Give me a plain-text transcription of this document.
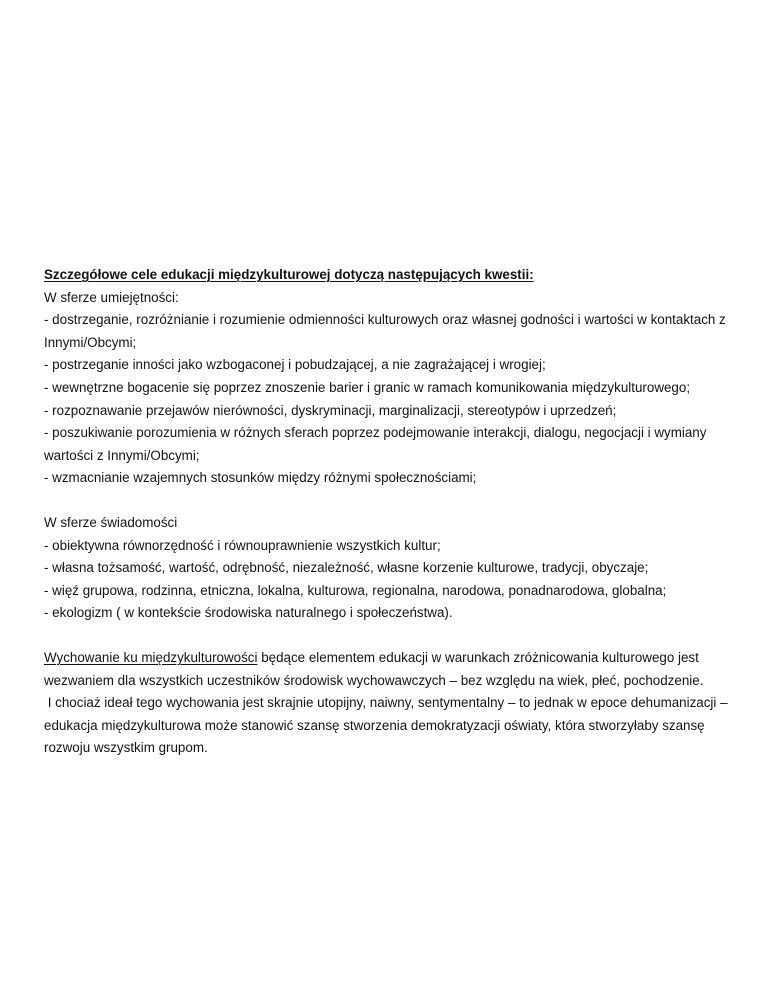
Szczegółowe cele edukacji międzykulturowej dotyczą następujących kwestii:

W sferze umiejętności:

- dostrzeganie, rozróżnianie i rozumienie odmienności kulturowych oraz własnej godności i wartości w kontaktach z

Innymi/Obcymi;

- postrzeganie inności jako wzbogaconej i pobudzającej, a nie zagrażającej i wrogiej;

- wewnętrzne bogacenie się poprzez znoszenie barier i granic w ramach komunikowania międzykulturowego;

- rozpoznawanie przejawów nierówności, dyskryminacji, marginalizacji, stereotypów i uprzedzeń;

- poszukiwanie porozumienia w różnych sferach poprzez podejmowanie interakcji, dialogu, negocjacji i wymiany

wartości z Innymi/Obcymi;

- wzmacnianie wzajemnych stosunków między różnymi społecznościami;

W sferze świadomości

- obiektywna równorzędność i równouprawnienie wszystkich kultur;

- własna tożsamość, wartość, odrębność, niezależność, własne korzenie kulturowe, tradycji, obyczaje;

- więź grupowa, rodzinna, etniczna, lokalna, kulturowa, regionalna, narodowa, ponadnarodowa, globalna;

- ekologizm ( w kontekście środowiska naturalnego i społeczeństwa).

Wychowanie ku międzykulturowości będące elementem edukacji w warunkach zróżnicowania kulturowego jest

wezwaniem dla wszystkich uczestników środowisk wychowawczych – bez względu na wiek, płeć, pochodzenie.

I chociaż ideał tego wychowania jest skrajnie utopijny, naiwny, sentymentalny – to jednak w epoce dehumanizacji –

edukacja międzykulturowa może stanowić szansę stworzenia demokratyzacji oświaty, która stworzyłaby szansę

rozwoju wszystkim grupom.
